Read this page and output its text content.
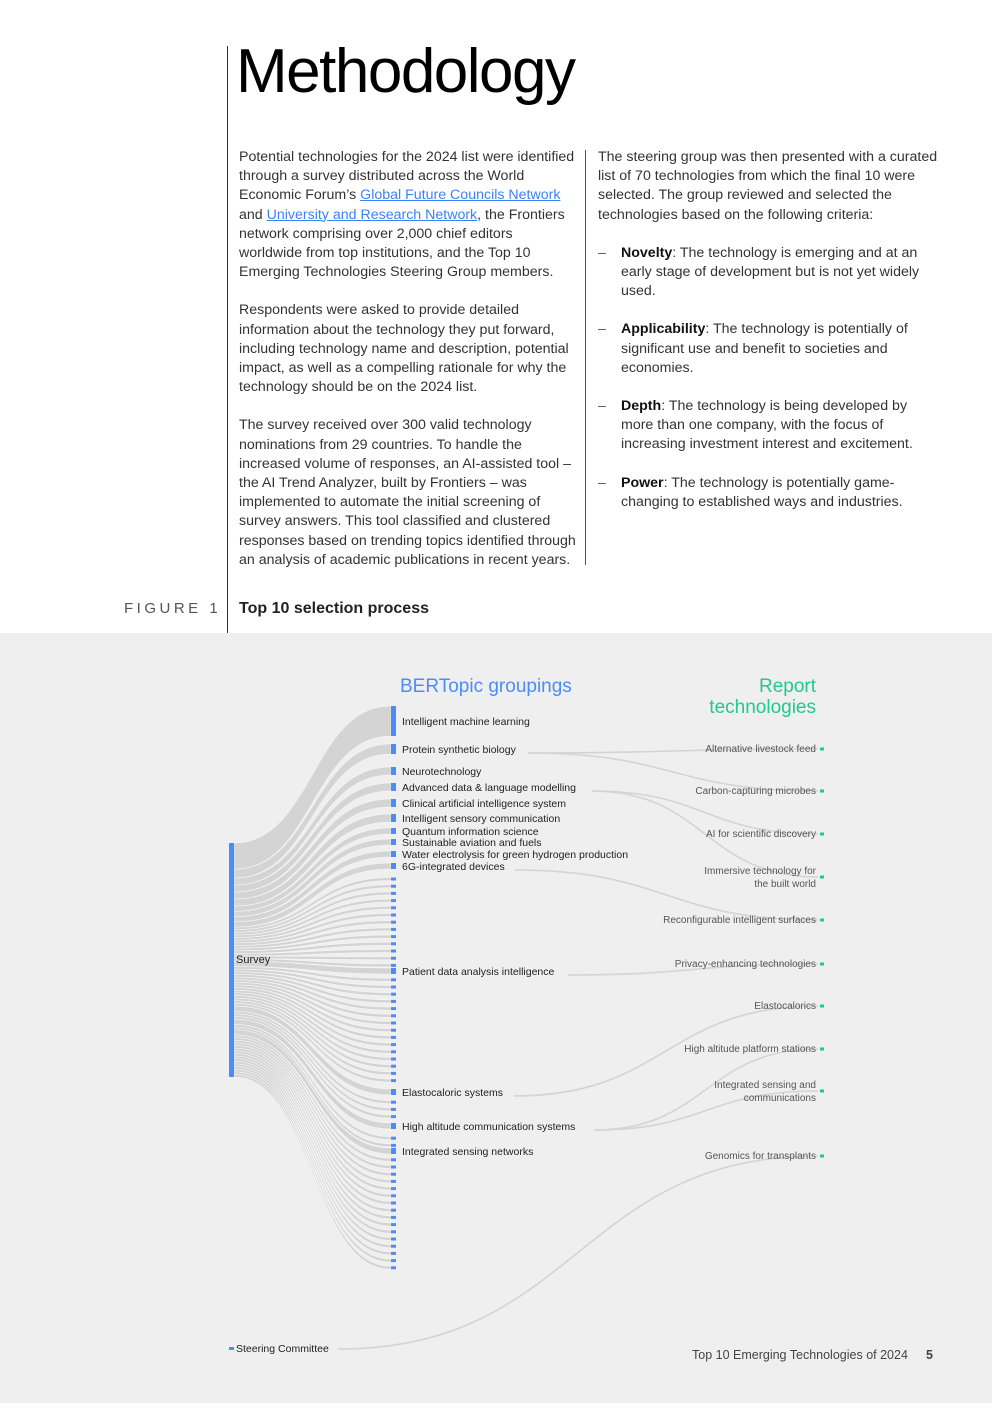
Methodology

Potential technologies for the 2024 list were identified through a survey distributed across the World Economic Forum’s Global Future Councils Network and University and Research Network, the Frontiers network comprising over 2,000 chief editors worldwide from top institutions, and the Top 10 Emerging Technologies Steering Group members.

Respondents were asked to provide detailed information about the technology they put forward, including technology name and description, potential impact, as well as a compelling rationale for why the technology should be on the 2024 list.

The survey received over 300 valid technology nominations from 29 countries. To handle the increased volume of responses, an AI-assisted tool – the AI Trend Analyzer, built by Frontiers – was implemented to automate the initial screening of survey answers. This tool classified and clustered responses based on trending topics identified through an analysis of academic publications in recent years.

The steering group was then presented with a curated list of 70 technologies from which the final 10 were selected. The group reviewed and selected the technologies based on the following criteria:

– Novelty: The technology is emerging and at an early stage of development but is not yet widely used.
– Applicability: The technology is potentially of significant use and benefit to societies and economies.
– Depth: The technology is being developed by more than one company, with the focus of increasing investment interest and excitement.
– Power: The technology is potentially game-changing to established ways and industries.
FIGURE 1 Top 10 selection process
BERTopic groupings	Report
technologies
Survey
Intelligent machine learning
Protein synthetic biology
Neurotechnology
Advanced data & language modelling
Clinical artificial intelligence system
Intelligent sensory communication
Quantum information science
Sustainable aviation and fuels
Water electrolysis for green hydrogen production
6G-integrated devices
Patient data analysis intelligence
Elastocaloric systems
High altitude communication systems
Integrated sensing networks
Alternative livestock feed
Carbon-capturing microbes
AI for scientific discovery
Immersive technology for
the built world
Reconfigurable intelligent surfaces
Privacy-enhancing technologies
Elastocalorics
High altitude platform stations
Integrated sensing and
communications
Genomics for transplants
Steering Committee	Top 10 Emerging Technologies of 2024 5
